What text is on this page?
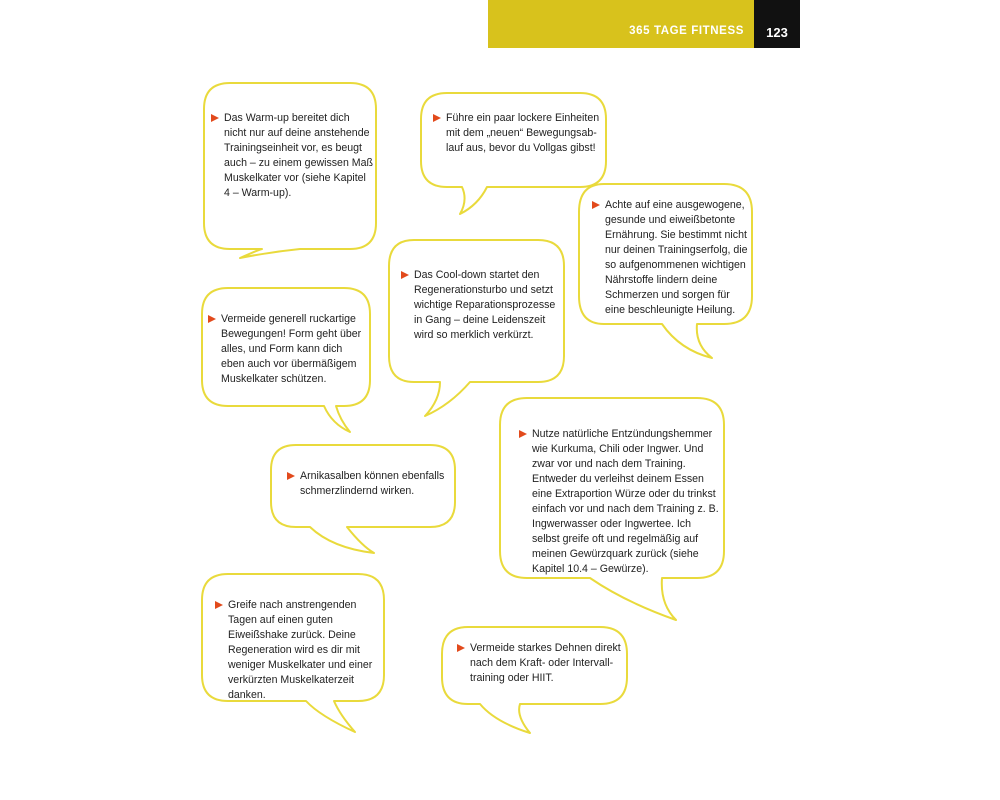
365 TAGE FITNESS	123
Das Warm-up bereitet dich nicht nur auf deine anstehende Trainingseinheit vor, es beugt auch – zu einem gewissen Maß Muskelkater vor (siehe Kapitel 4 – Warm-up).
Führe ein paar lockere Einheiten mit dem „neuen“ Bewegungsablauf aus, bevor du Vollgas gibst!
Achte auf eine ausgewogene, gesunde und eiweißbetonte Ernährung. Sie bestimmt nicht nur deinen Trainingserfolg, die so aufgenommenen wichtigen Nährstoffe lindern deine Schmerzen und sorgen für eine beschleunigte Heilung.
Das Cool-down startet den Regenerationsturbo und setzt wichtige Reparationsprozesse in Gang – deine Leidenszeit wird so merklich verkürzt.
Vermeide generell ruckartige Bewegungen! Form geht über alles, und Form kann dich eben auch vor übermäßigem Muskelkater schützen.
Nutze natürliche Entzündungshemmer wie Kurkuma, Chili oder Ingwer. Und zwar vor und nach dem Training. Entweder du verleihst deinem Essen eine Extraportion Würze oder du trinkst einfach vor und nach dem Training z. B. Ingwerwasser oder Ingwertee. Ich selbst greife oft und regelmäßig auf meinen Gewürzquark zurück (siehe Kapitel 10.4 – Gewürze).
Arnikasalben können ebenfalls schmerzlindernd wirken.
Greife nach anstrengenden Tagen auf einen guten Eiweißshake zurück. Deine Regeneration wird es dir mit weniger Muskelkater und einer verkürzten Muskelkaterzeit danken.
Vermeide starkes Dehnen direkt nach dem Kraft- oder Intervalltraining oder HIIT.
